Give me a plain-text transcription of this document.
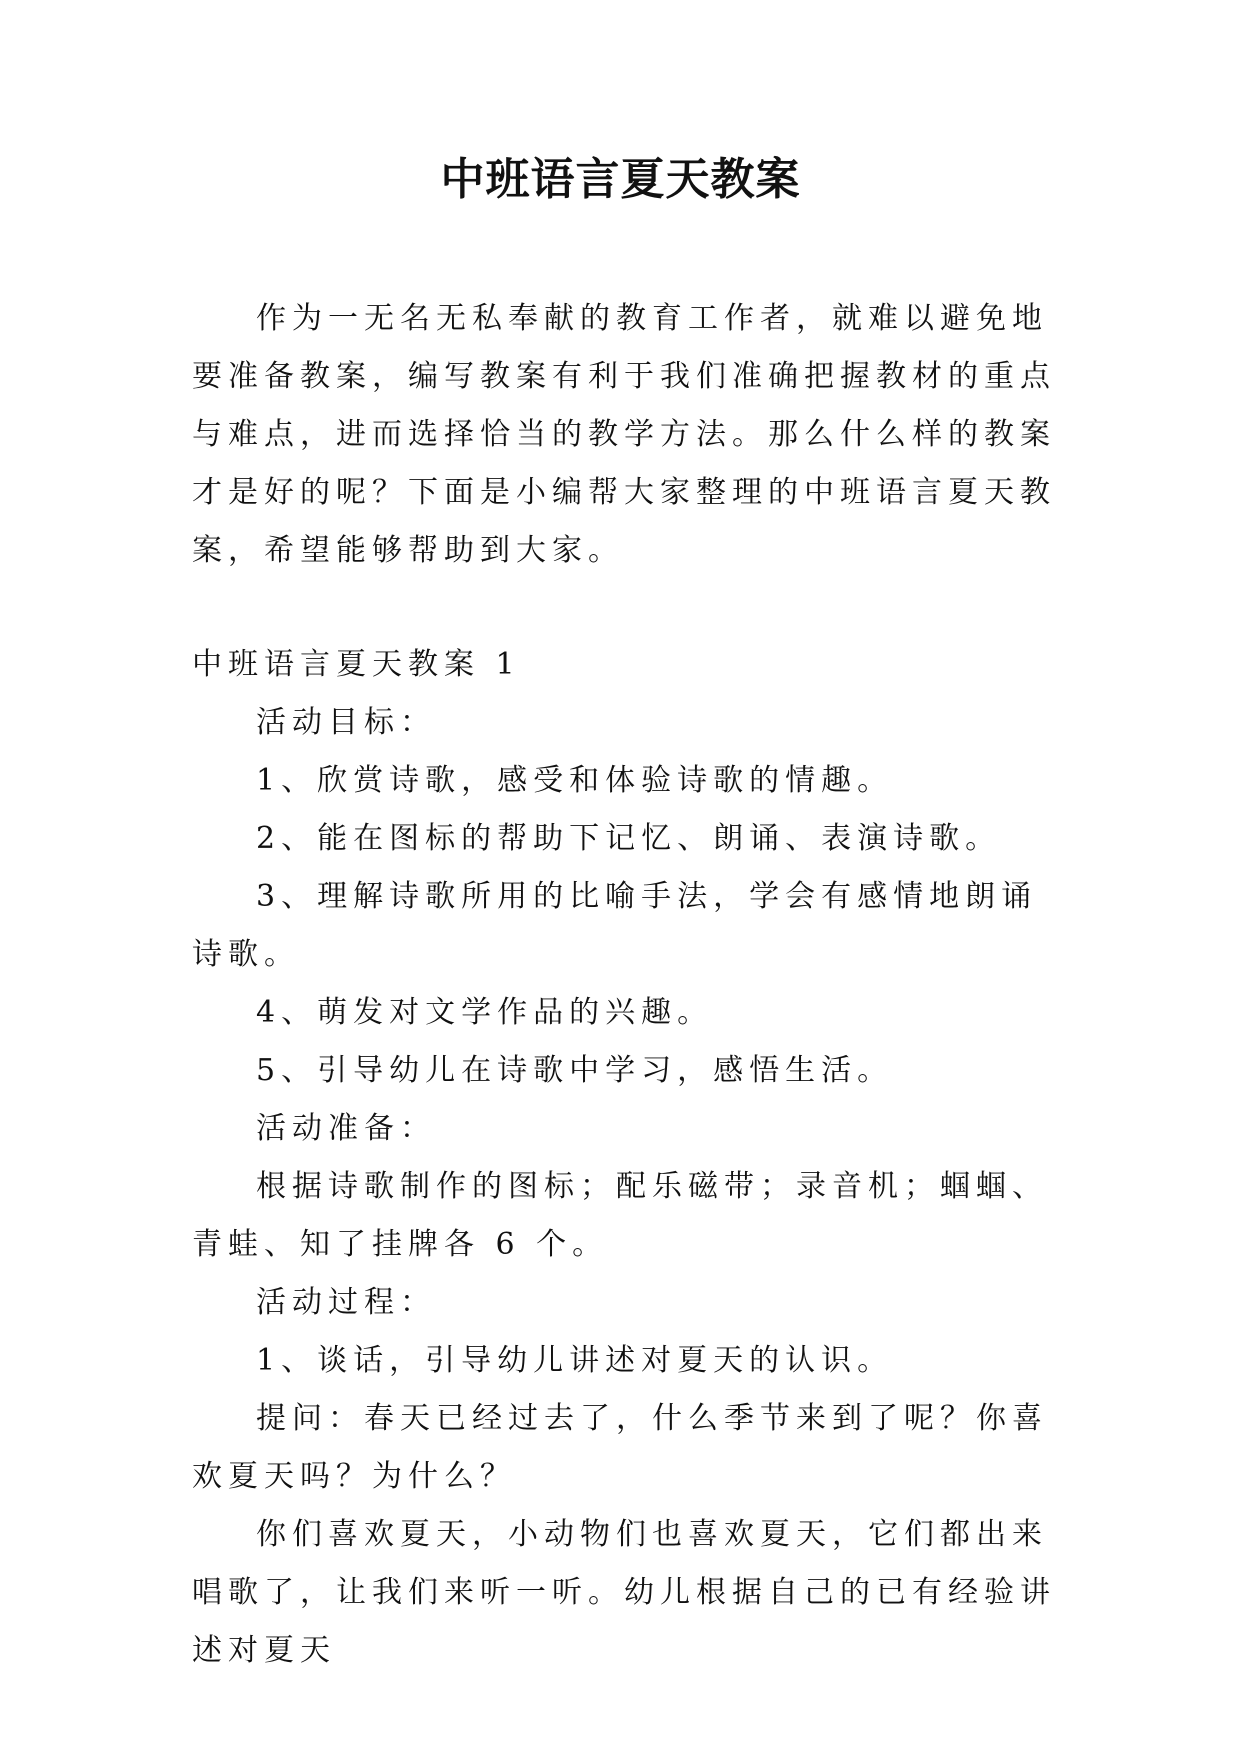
中班语言夏天教案

作为一无名无私奉献的教育工作者，就难以避免地要准备教案，编写教案有利于我们准确把握教材的重点与难点，进而选择恰当的教学方法。那么什么样的教案才是好的呢？下面是小编帮大家整理的中班语言夏天教案，希望能够帮助到大家。

中班语言夏天教案 1

活动目标：

1、欣赏诗歌，感受和体验诗歌的情趣。

2、能在图标的帮助下记忆、朗诵、表演诗歌。

3、理解诗歌所用的比喻手法，学会有感情地朗诵诗歌。

4、萌发对文学作品的兴趣。

5、引导幼儿在诗歌中学习，感悟生活。

活动准备：

根据诗歌制作的图标；配乐磁带；录音机；蝈蝈、青蛙、知了挂牌各 6 个。

活动过程：

1、谈话，引导幼儿讲述对夏天的认识。

提问：春天已经过去了，什么季节来到了呢？你喜欢夏天吗？为什么？

你们喜欢夏天，小动物们也喜欢夏天，它们都出来唱歌了，让我们来听一听。幼儿根据自己的已有经验讲述对夏天
